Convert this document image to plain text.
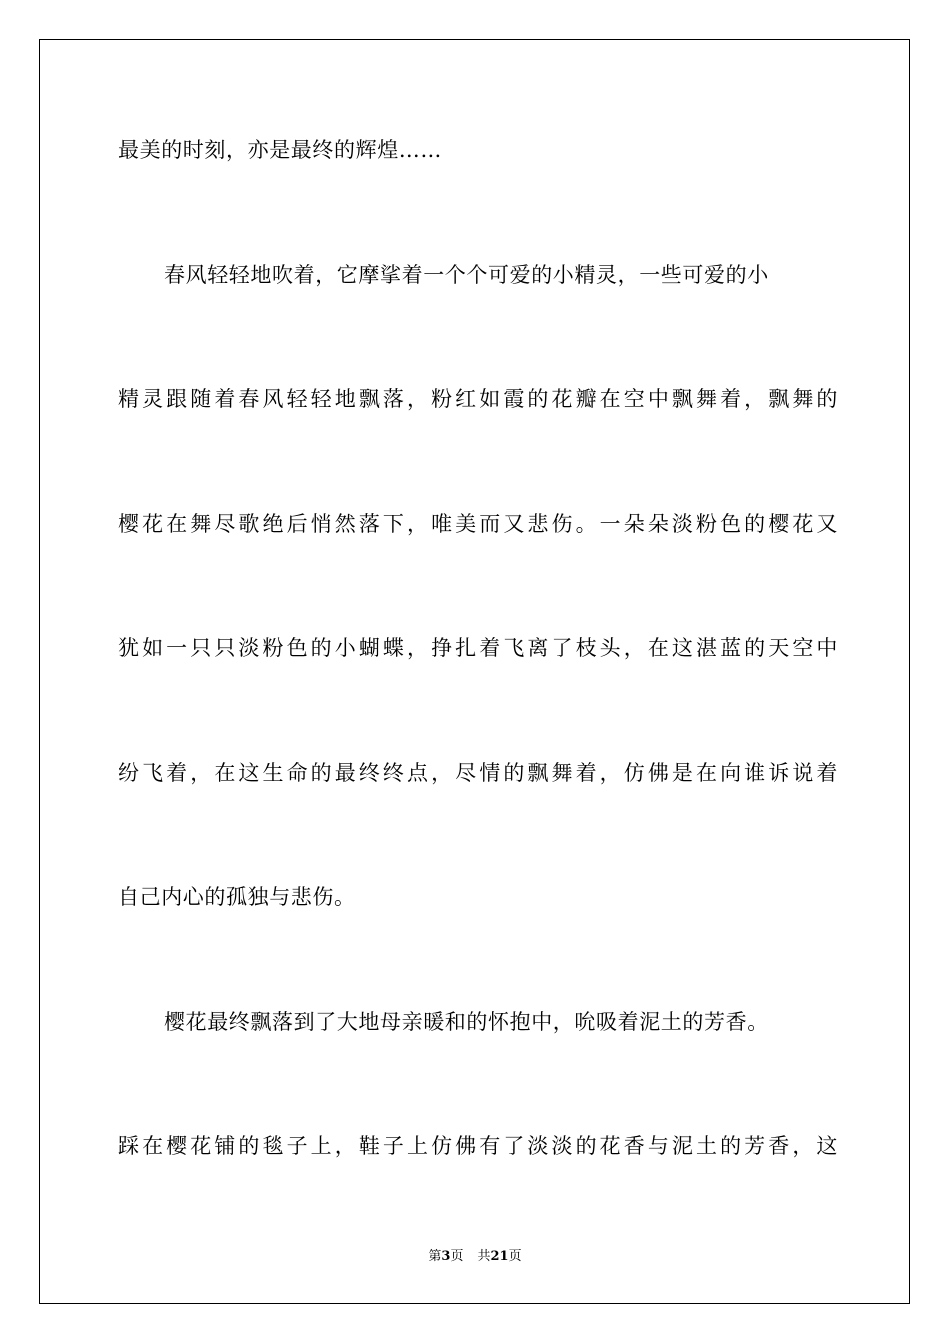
最美的时刻，亦是最终的辉煌……
春风轻轻地吹着，它摩挲着一个个可爱的小精灵，一些可爱的小
精灵跟随着春风轻轻地飘落，粉红如霞的花瓣在空中飘舞着，飘舞的
樱花在舞尽歌绝后悄然落下，唯美而又悲伤。一朵朵淡粉色的樱花又
犹如一只只淡粉色的小蝴蝶，挣扎着飞离了枝头，在这湛蓝的天空中
纷飞着，在这生命的最终终点，尽情的飘舞着，仿佛是在向谁诉说着
自己内心的孤独与悲伤。
樱花最终飘落到了大地母亲暖和的怀抱中，吮吸着泥土的芳香。
踩在樱花铺的毯子上，鞋子上仿佛有了淡淡的花香与泥土的芳香，这
第3页 共21页
